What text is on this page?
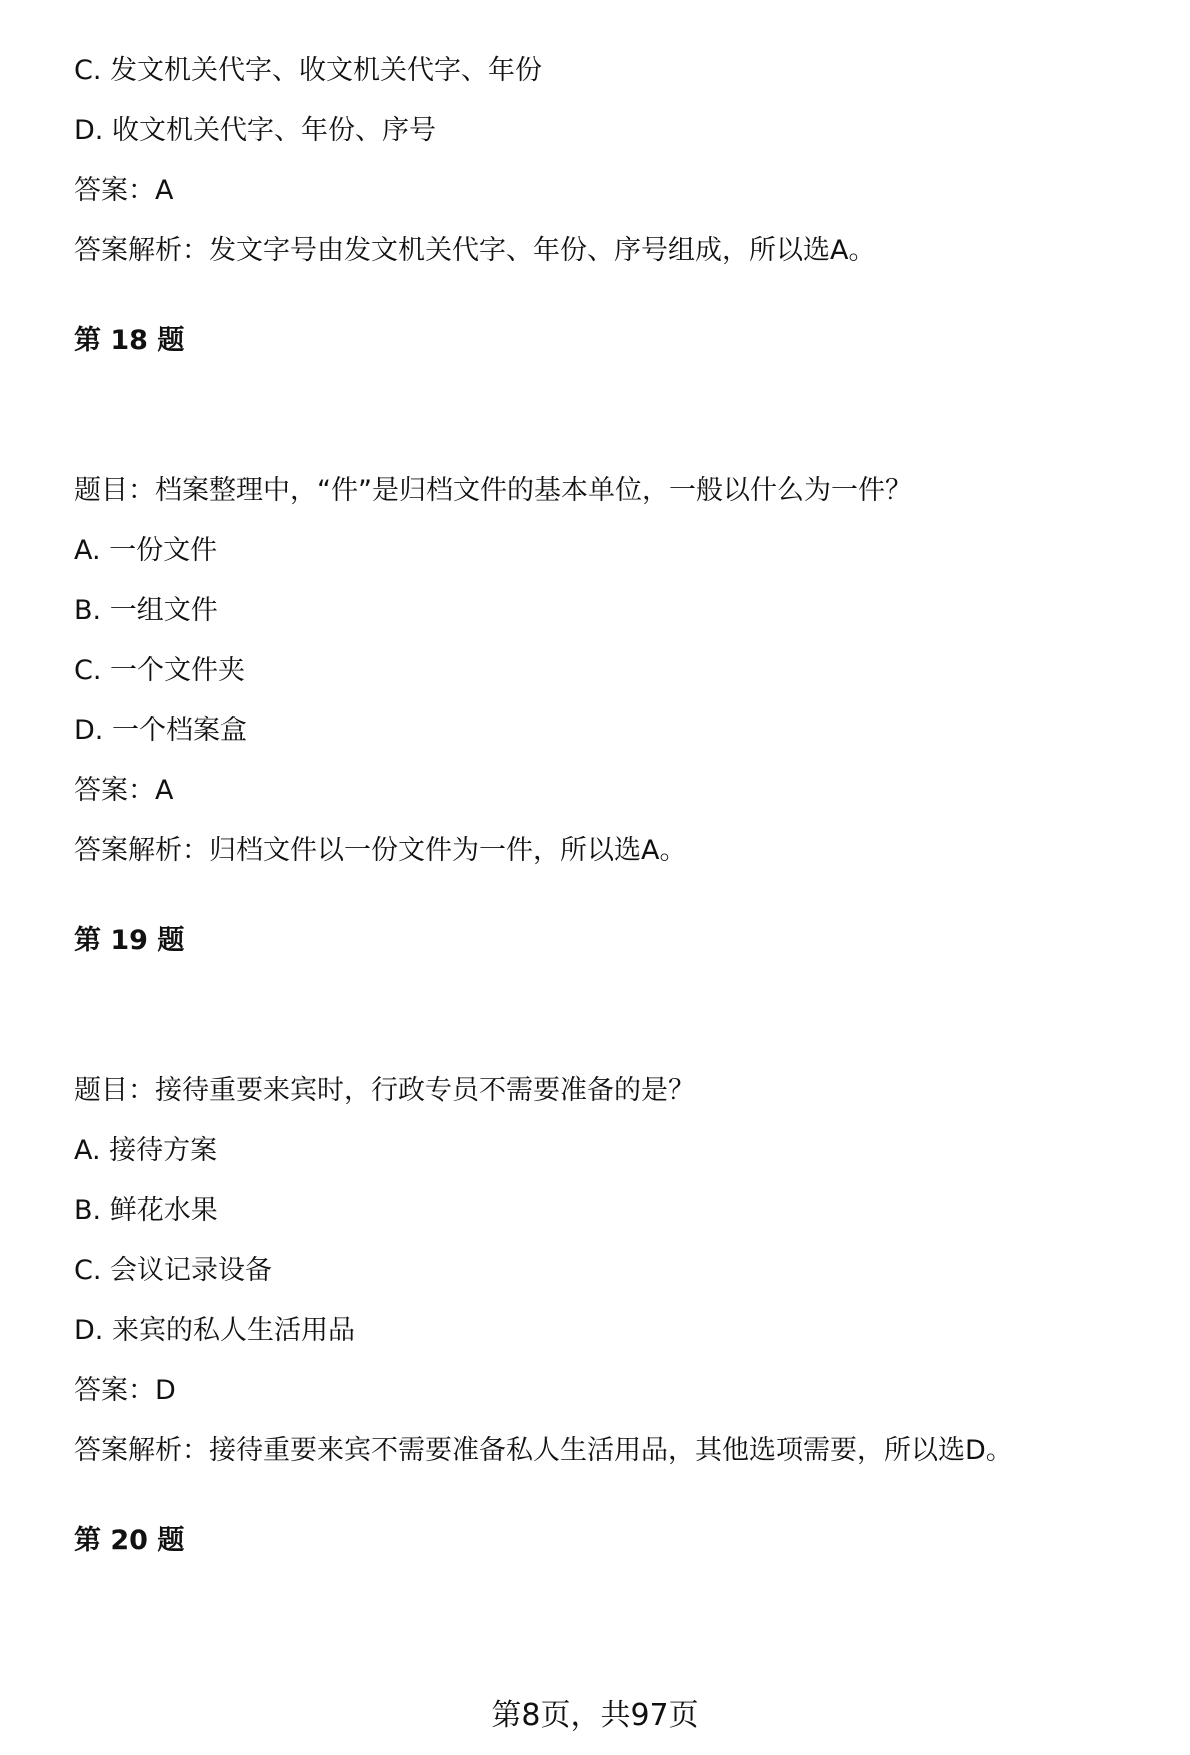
C. 发文机关代字、收文机关代字、年份
D. 收文机关代字、年份、序号
答案：A
答案解析：发文字号由发文机关代字、年份、序号组成，所以选A。
第 18 题
题目：档案整理中，“件”是归档文件的基本单位，一般以什么为一件？
A. 一份文件
B. 一组文件
C. 一个文件夹
D. 一个档案盒
答案：A
答案解析：归档文件以一份文件为一件，所以选A。
第 19 题
题目：接待重要来宾时，行政专员不需要准备的是？
A. 接待方案
B. 鲜花水果
C. 会议记录设备
D. 来宾的私人生活用品
答案：D
答案解析：接待重要来宾不需要准备私人生活用品，其他选项需要，所以选D。
第 20 题
第8页，共97页
